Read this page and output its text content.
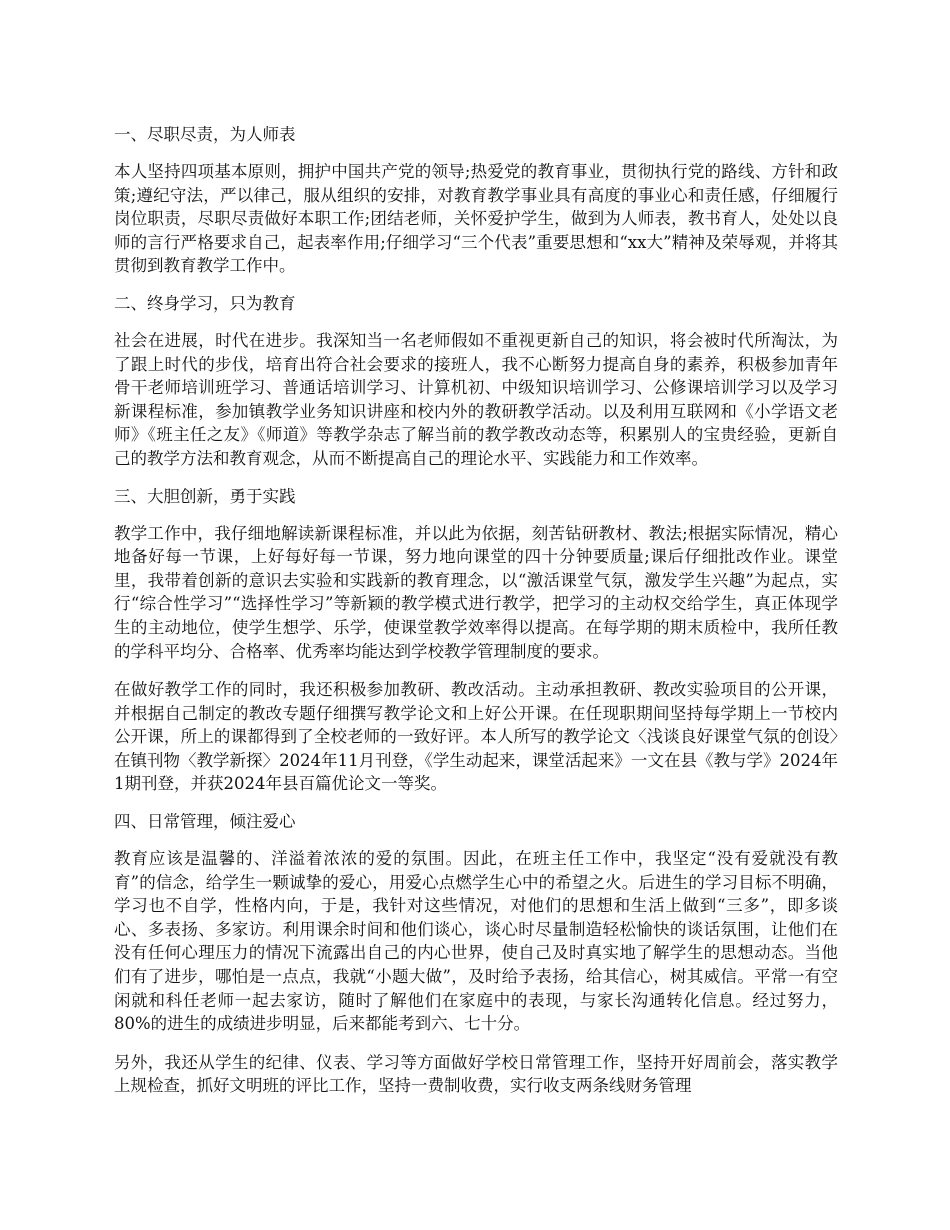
一、尽职尽责，为人师表

本人坚持四项基本原则，拥护中国共产党的领导;热爱党的教育事业，贯彻执行党的路线、方针和政策;遵纪守法，严以律己，服从组织的安排，对教育教学事业具有高度的事业心和责任感，仔细履行岗位职责，尽职尽责做好本职工作;团结老师，关怀爱护学生，做到为人师表，教书育人，处处以良师的言行严格要求自己，起表率作用;仔细学习“三个代表”重要思想和“xx大”精神及荣辱观，并将其贯彻到教育教学工作中。

二、终身学习，只为教育

社会在进展，时代在进步。我深知当一名老师假如不重视更新自己的知识，将会被时代所淘汰，为了跟上时代的步伐，培育出符合社会要求的接班人，我不心断努力提高自身的素养，积极参加青年骨干老师培训班学习、普通话培训学习、计算机初、中级知识培训学习、公修课培训学习以及学习新课程标准，参加镇教学业务知识讲座和校内外的教研教学活动。以及利用互联网和《小学语文老师》《班主任之友》《师道》等教学杂志了解当前的教学教改动态等，积累别人的宝贵经验，更新自己的教学方法和教育观念，从而不断提高自己的理论水平、实践能力和工作效率。

三、大胆创新，勇于实践

教学工作中，我仔细地解读新课程标准，并以此为依据，刻苦钻研教材、教法;根据实际情况，精心地备好每一节课，上好每好每一节课，努力地向课堂的四十分钟要质量;课后仔细批改作业。课堂里，我带着创新的意识去实验和实践新的教育理念，以“激活课堂气氛，激发学生兴趣”为起点，实行“综合性学习”“选择性学习”等新颖的教学模式进行教学，把学习的主动权交给学生，真正体现学生的主动地位，使学生想学、乐学，使课堂教学效率得以提高。在每学期的期末质检中，我所任教的学科平均分、合格率、优秀率均能达到学校教学管理制度的要求。

在做好教学工作的同时，我还积极参加教研、教改活动。主动承担教研、教改实验项目的公开课，并根据自己制定的教改专题仔细撰写教学论文和上好公开课。在任现职期间坚持每学期上一节校内公开课，所上的课都得到了全校老师的一致好评。本人所写的教学论文〈浅谈良好课堂气氛的创设〉在镇刊物〈教学新探〉2024年11月刊登，《学生动起来，课堂活起来》一文在县《教与学》2024年1期刊登，并获2024年县百篇优论文一等奖。

四、日常管理，倾注爱心

教育应该是温馨的、洋溢着浓浓的爱的氛围。因此，在班主任工作中，我坚定“没有爱就没有教育”的信念，给学生一颗诚挚的爱心，用爱心点燃学生心中的希望之火。后进生的学习目标不明确，学习也不自学，性格内向，于是，我针对这些情况，对他们的思想和生活上做到“三多”，即多谈心、多表扬、多家访。利用课余时间和他们谈心，谈心时尽量制造轻松愉快的谈话氛围，让他们在没有任何心理压力的情况下流露出自己的内心世界，使自己及时真实地了解学生的思想动态。当他们有了进步，哪怕是一点点，我就“小题大做”，及时给予表扬，给其信心，树其威信。平常一有空闲就和科任老师一起去家访，随时了解他们在家庭中的表现，与家长沟通转化信息。经过努力，80%的进生的成绩进步明显，后来都能考到六、七十分。

另外，我还从学生的纪律、仪表、学习等方面做好学校日常管理工作，坚持开好周前会，落实教学上规检查，抓好文明班的评比工作，坚持一费制收费，实行收支两条线财务管理
